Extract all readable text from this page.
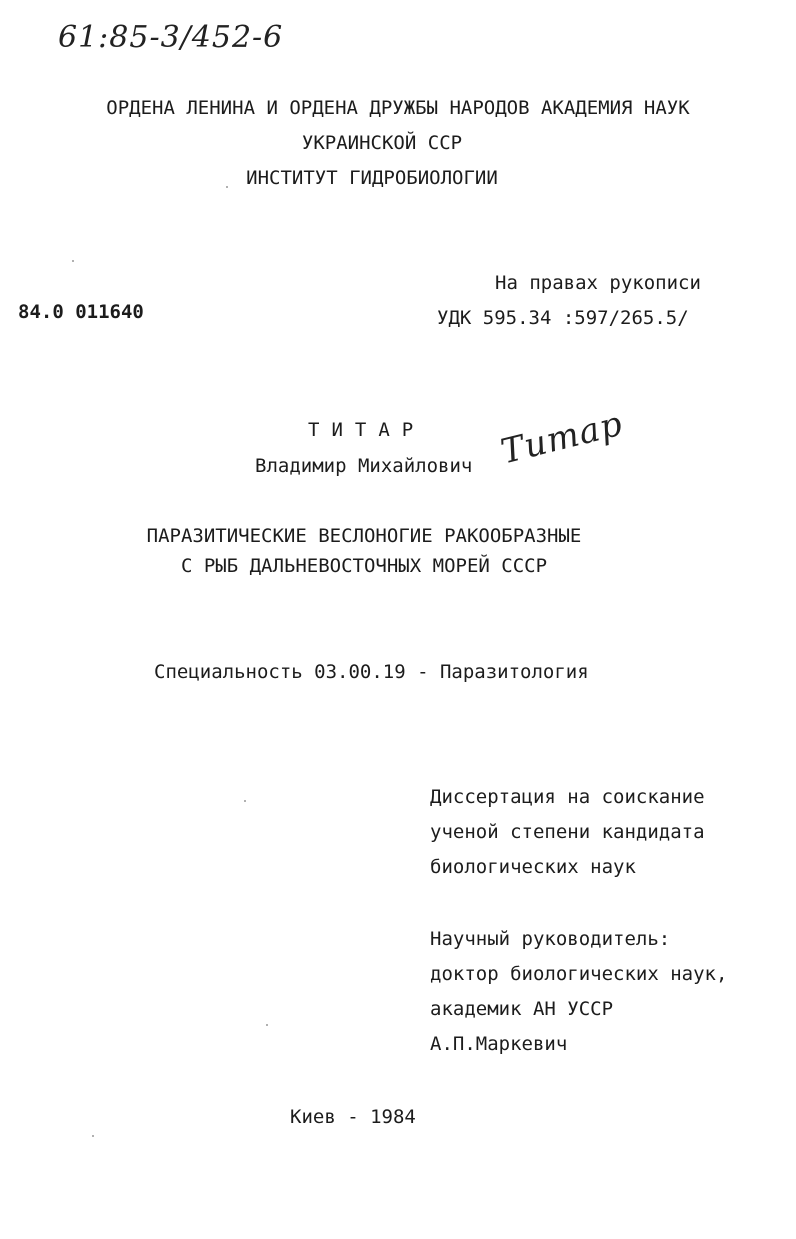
61:85-3/452-6
ОРДЕНА ЛЕНИНА И ОРДЕНА ДРУЖБЫ НАРОДОВ АКАДЕМИЯ НАУК
УКРАИНСКОЙ ССР
ИНСТИТУТ ГИДРОБИОЛОГИИ
На правах рукописи
84.0 011640	УДК 595.34 :597/265.5/
ТИТАР
Владимир Михайлович Титар
ПАРАЗИТИЧЕСКИЕ ВЕСЛОНОГИЕ РАКООБРАЗНЫЕ
С РЫБ ДАЛЬНЕВОСТОЧНЫХ МОРЕЙ СССР
Специальность 03.00.19 - Паразитология
Диссертация на соискание
ученой степени кандидата
биологических наук
Научный руководитель:
доктор биологических наук,
академик АН УССР
А.П.Маркевич
Киев - 1984
